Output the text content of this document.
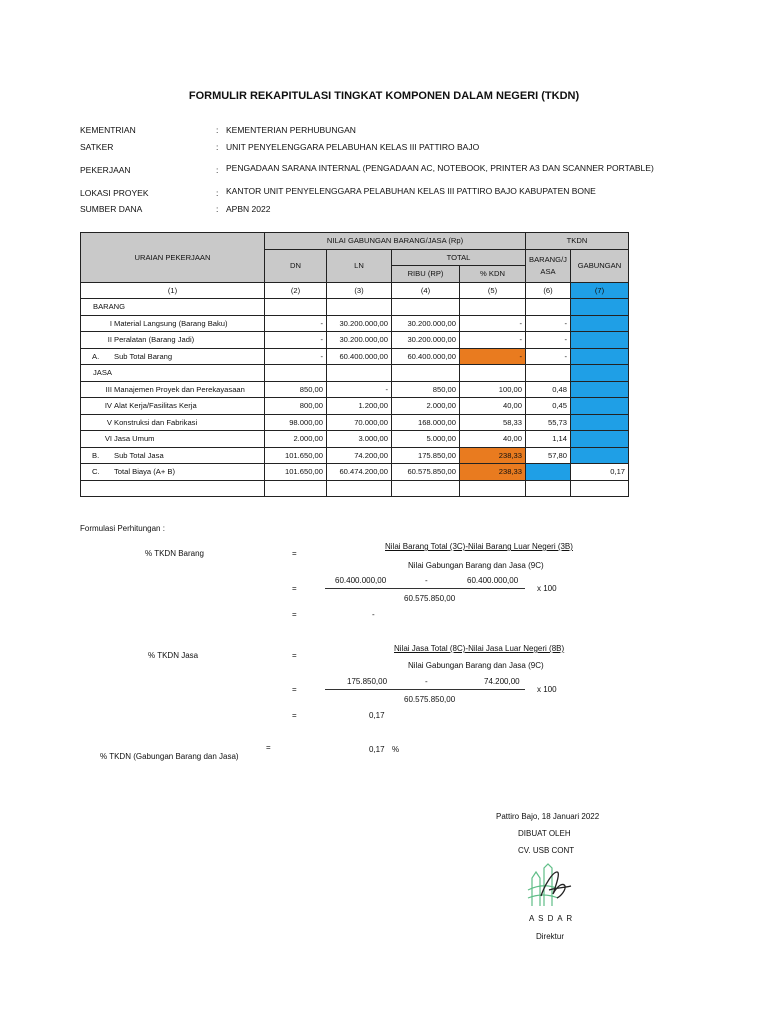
FORMULIR REKAPITULASI TINGKAT KOMPONEN DALAM NEGERI (TKDN)
KEMENTRIAN	: KEMENTERIAN PERHUBUNGAN
SATKER	: UNIT PENYELENGGARA PELABUHAN KELAS III PATTIRO BAJO
PEKERJAAN	: PENGADAAN SARANA INTERNAL (PENGADAAN AC, NOTEBOOK, PRINTER A3 DAN SCANNER PORTABLE)
LOKASI PROYEK	: KANTOR UNIT PENYELENGGARA PELABUHAN KELAS III PATTIRO BAJO KABUPATEN BONE
SUMBER DANA	: APBN 2022
URAIAN PEKERJAAN	NILAI GABUNGAN BARANG/JASA (Rp)				TKDN	
	DN	LN	TOTAL		BARANG/J ASA	GABUNGAN
			RIBU (RP)	% KDN		
(1)	(2)	(3)	(4)	(5)	(6)	(7)
BARANG						
I Material Langsung (Barang Baku)	-	30.200.000,00	30.200.000,00	-	-	
II Peralatan (Barang Jadi)	-	30.200.000,00	30.200.000,00	-	-	
A. Sub Total Barang	-	60.400.000,00	60.400.000,00	-	-	
JASA						
III Manajemen Proyek dan Perekayasaan	850,00	-	850,00	100,00	0,48	
IV Alat Kerja/Fasilitas Kerja	800,00	1.200,00	2.000,00	40,00	0,45	
V Konstruksi dan Fabrikasi	98.000,00	70.000,00	168.000,00	58,33	55,73	
VI Jasa Umum	2.000,00	3.000,00	5.000,00	40,00	1,14	
B. Sub Total Jasa	101.650,00	74.200,00	175.850,00	238,33	57,80	
C. Total Biaya (A+ B)	101.650,00	60.474.200,00	60.575.850,00	238,33		0,17

Formulasi Perhitungan :
% TKDN Barang	=
Nilai Barang Total (3C)-Nilai Barang Luar Negeri (3B)
Nilai Gabungan Barang dan Jasa (9C)
=
60.400.000,00	-	60.400.000,00
x 100
60.575.850,00
=	-
% TKDN Jasa	=
Nilai Jasa Total (8C)-Nilai Jasa Luar Negeri (8B)
Nilai Gabungan Barang dan Jasa (9C)
=
175.850,00	-	74.200,00
x 100
60.575.850,00
=	0,17
% TKDN (Gabungan Barang dan Jasa)
=	0,17 %
Pattiro Bajo, 18 Januari 2022
DIBUAT OLEH
CV. USB CONT
A S D A R
Direktur
